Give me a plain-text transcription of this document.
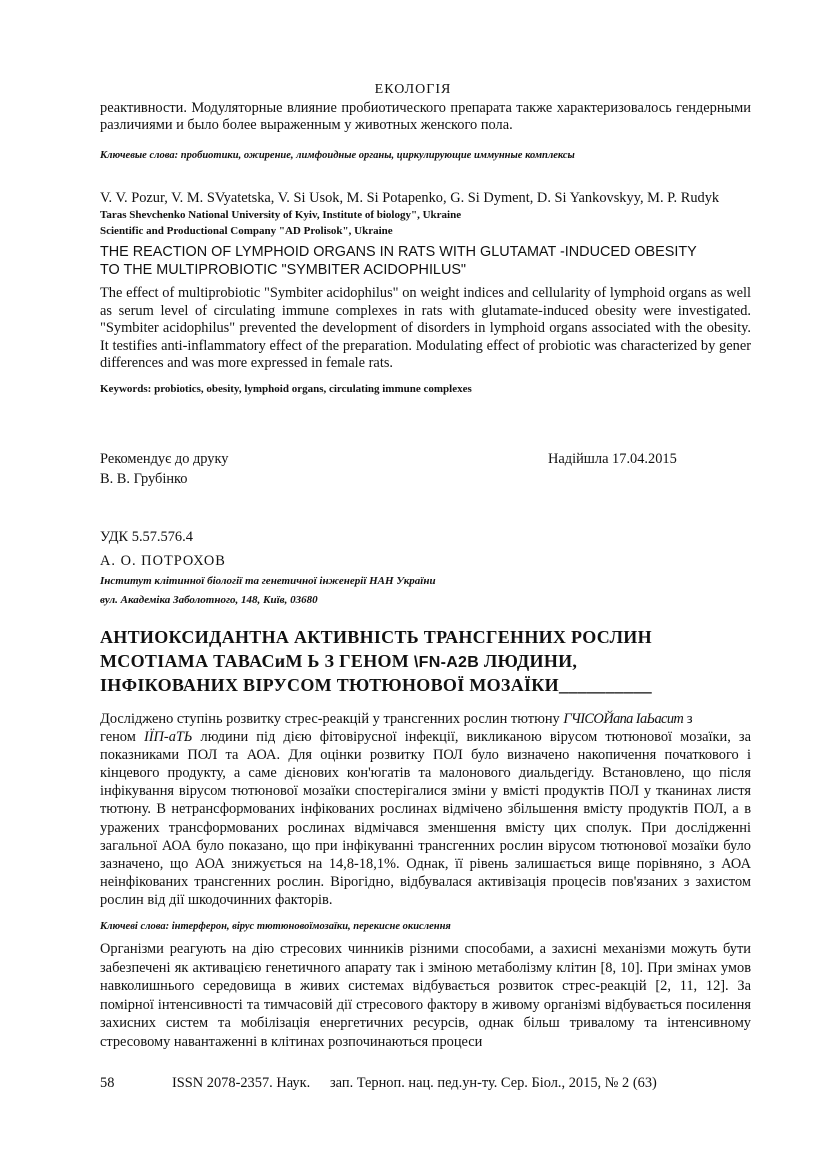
ЕКОЛОГІЯ
реактивности. Модуляторные влияние пробиотического препарата также характеризовалось гендерными различиями и было более выраженным у животных женского пола.
Ключевые слова: пробиотики, ожирение, лимфоидные органы, циркулирующие иммунные комплексы
V. V. Pozur, V. M. SVyatetska, V. Si Usok, M. Si Potapenko, G. Si Dyment, D. Si Yankovskyy, M. P. Rudyk
Taras Shevchenko National University of Kyiv, Institute of biology", Ukraine
Scientific and Productional Company "AD Prolisok", Ukraine
THE REACTION OF LYMPHOID ORGANS IN RATS WITH GLUTAMAT -INDUCED OBESITY
TO THE MULTIPROBIOTIC "SYMBITER ACIDOPHILUS"
The effect of multiprobiotic "Symbiter acidophilus" on weight indices and cellularity of lymphoid organs as well as serum level of circulating immune complexes in rats with glutamate-induced obesity were investigated. "Symbiter acidophilus" prevented the development of disorders in lymphoid organs associated with the obesity. It testifies anti-inflammatory effect of the preparation. Modulating effect of probiotic was characterized by gener differences and was more expressed in female rats.
Keywords: probiotics, obesity, lymphoid organs, circulating immune complexes
Рекомендує до друку	Надійшла 17.04.2015
В. В. Грубінко
УДК 5.57.576.4
А. О. ПОТРОХОВ
Інститут клітинної біології та генетичної інженерії НАН України
вул. Академіка Заболотного, 148, Київ, 03680
АНТИОКСИДАНТНА АКТИВНІСТЬ ТРАНСГЕННИХ РОСЛИН
МСОТІАМА ТАВАСиМ Ь З ГЕНОМ \FN-A2B ЛЮДИНИ,
ІНФІКОВАНИХ ВІРУСОМ ТЮТЮНОВОЇ МОЗАЇКИ__________
Досліджено ступінь розвитку стрес-реакцій у трансгенних рослин тютюну ГЧІСОЙапа ІаЬасит з
геном ІЇП-аТЬ людини під дією фітовірусної інфекції, викликаною вірусом тютюнової мозаїки, за показниками ПОЛ та АОА. Для оцінки розвитку ПОЛ було визначено накопичення початкового і кінцевого продукту, а саме дієнових кон'югатів та малонового диальдегіду. Встановлено, що після інфікування вірусом тютюнової мозаїки спостерігалися зміни у вмісті продуктів ПОЛ у тканинах листя тютюну. В нетрансформованих інфікованих рослинах відмічено збільшення вмісту продуктів ПОЛ, а в уражених трансформованих рослинах відмічався зменшення вмісту цих сполук. При дослідженні загальної АОА було показано, що при інфікуванні трансгенних рослин вірусом тютюнової мозаїки було зазначено, що АОА знижується на 14,8-18,1%. Однак, її рівень залишається вище порівняно, з АОА неінфікованих трансгенних рослин. Вірогідно, відбувалася активізація процесів пов'язаних з захистом рослин від дії шкодочинних факторів.
Ключеві слова: інтерферон, вірус тютюновоїмозаїки, перекисне окислення
Організми реагують на дію стресових чинників різними способами, а захисні механізми можуть бути забезпечені як активацією генетичного апарату так і зміною метаболізму клітин [8, 10]. При змінах умов навколишнього середовища в живих системах відбувається розвиток стрес-реакцій [2, 11, 12]. За помірної інтенсивності та тимчасовій дії стресового фактору в живому організмі відбувається посилення захисних систем та мобілізація енергетичних ресурсів, однак більш тривалому та інтенсивному стресовому навантаженні в клітинах розпочинаються процеси
58	ISSN 2078-2357. Наук. зап. Терноп. нац. пед.ун-ту. Сер. Біол., 2015, № 2 (63)
